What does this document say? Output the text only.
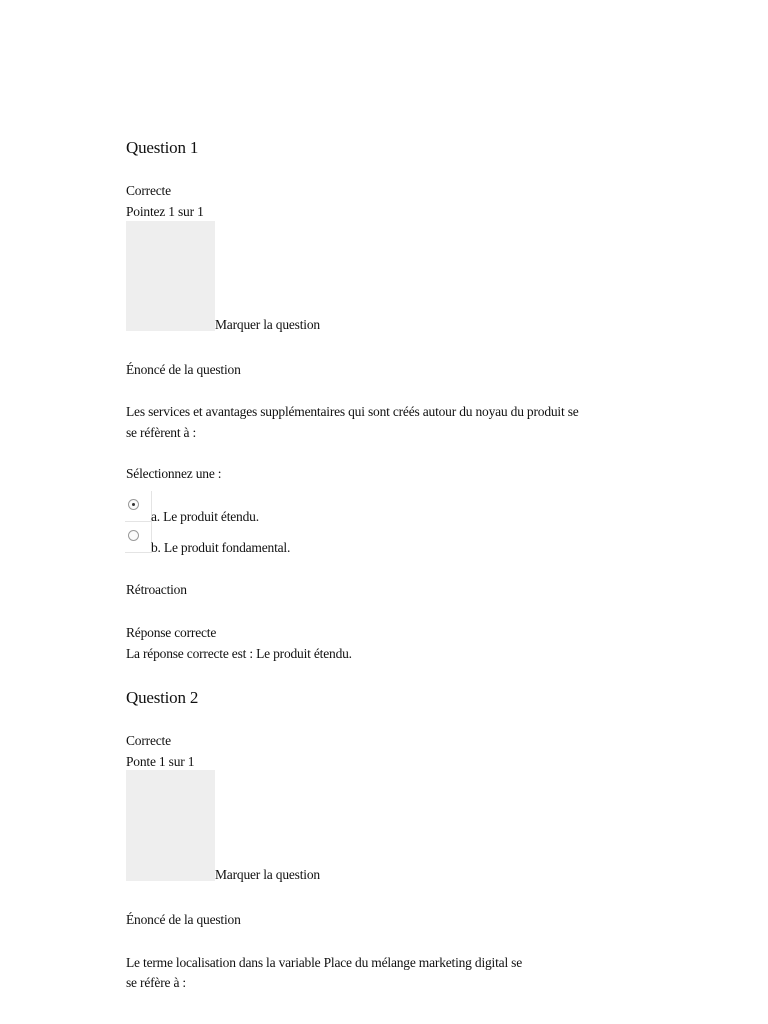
Question 1
Correcte
Pointez 1 sur 1
Marquer la question
Énoncé de la question
Les services et avantages supplémentaires qui sont créés autour du noyau du produit se
se réfèrent à :
Sélectionnez une :
a. Le produit étendu.
b. Le produit fondamental.
Rétroaction
Réponse correcte
La réponse correcte est : Le produit étendu.
Question 2
Correcte
Ponte 1 sur 1
Marquer la question
Énoncé de la question
Le terme localisation dans la variable Place du mélange marketing digital se
se réfère à :
